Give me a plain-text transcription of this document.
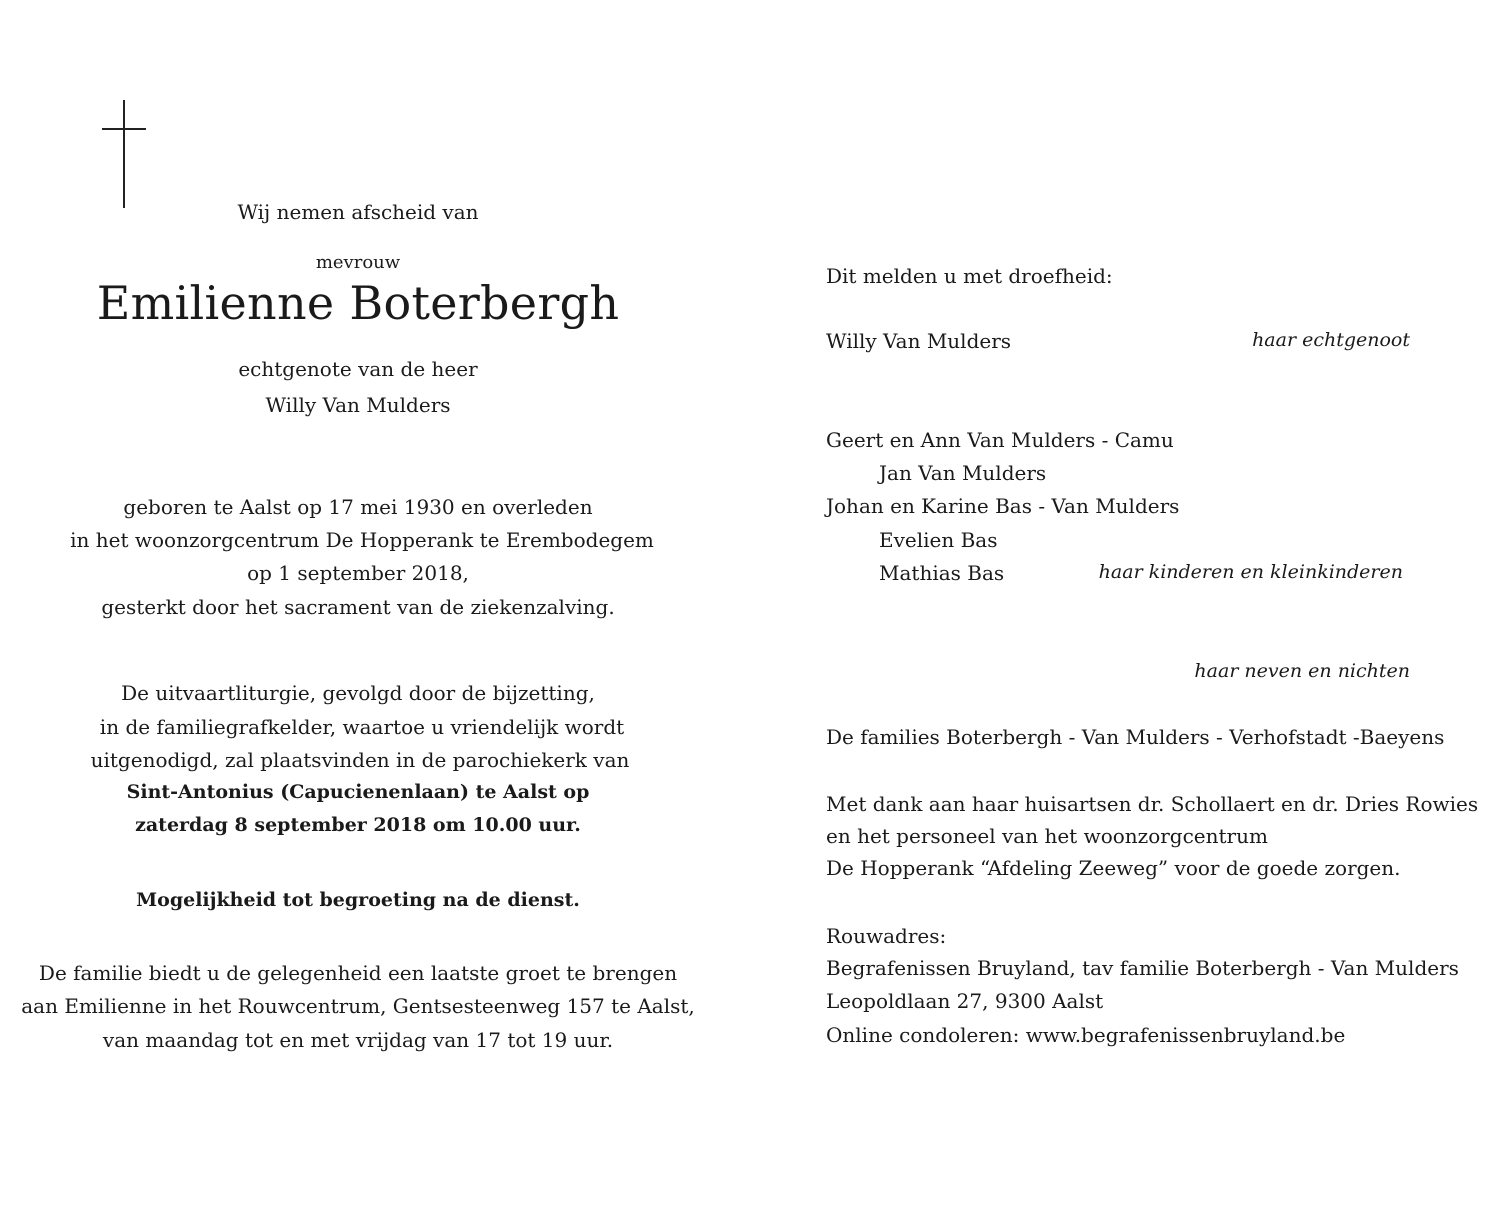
Wij nemen afscheid van
mevrouw
Emilienne Boterbergh
echtgenote van de heer
Willy Van Mulders
geboren te Aalst op 17 mei 1930 en overleden
in het woonzorgcentrum De Hopperank te Erembodegem
op 1 september 2018,
gesterkt door het sacrament van de ziekenzalving.
De uitvaartliturgie, gevolgd door de bijzetting,
in de familiegrafkelder, waartoe u vriendelijk wordt
uitgenodigd, zal plaatsvinden in de parochiekerk van
Sint-Antonius (Capucienenlaan) te Aalst op
zaterdag 8 september 2018 om 10.00 uur.
Mogelijkheid tot begroeting na de dienst.
De familie biedt u de gelegenheid een laatste groet te brengen
aan Emilienne in het Rouwcentrum, Gentsesteenweg 157 te Aalst,
van maandag tot en met vrijdag van 17 tot 19 uur.
Dit melden u met droefheid:
Willy Van Mulders	haar echtgenoot
Geert en Ann Van Mulders - Camu
Jan Van Mulders
Johan en Karine Bas - Van Mulders
Evelien Bas
Mathias Bas	haar kinderen en kleinkinderen
haar neven en nichten
De families Boterbergh - Van Mulders - Verhofstadt -Baeyens
Met dank aan haar huisartsen dr. Schollaert en dr. Dries Rowies
en het personeel van het woonzorgcentrum
De Hopperank “Afdeling Zeeweg” voor de goede zorgen.
Rouwadres:
Begrafenissen Bruyland, tav familie Boterbergh - Van Mulders
Leopoldlaan 27, 9300 Aalst
Online condoleren: www.begrafenissenbruyland.be
